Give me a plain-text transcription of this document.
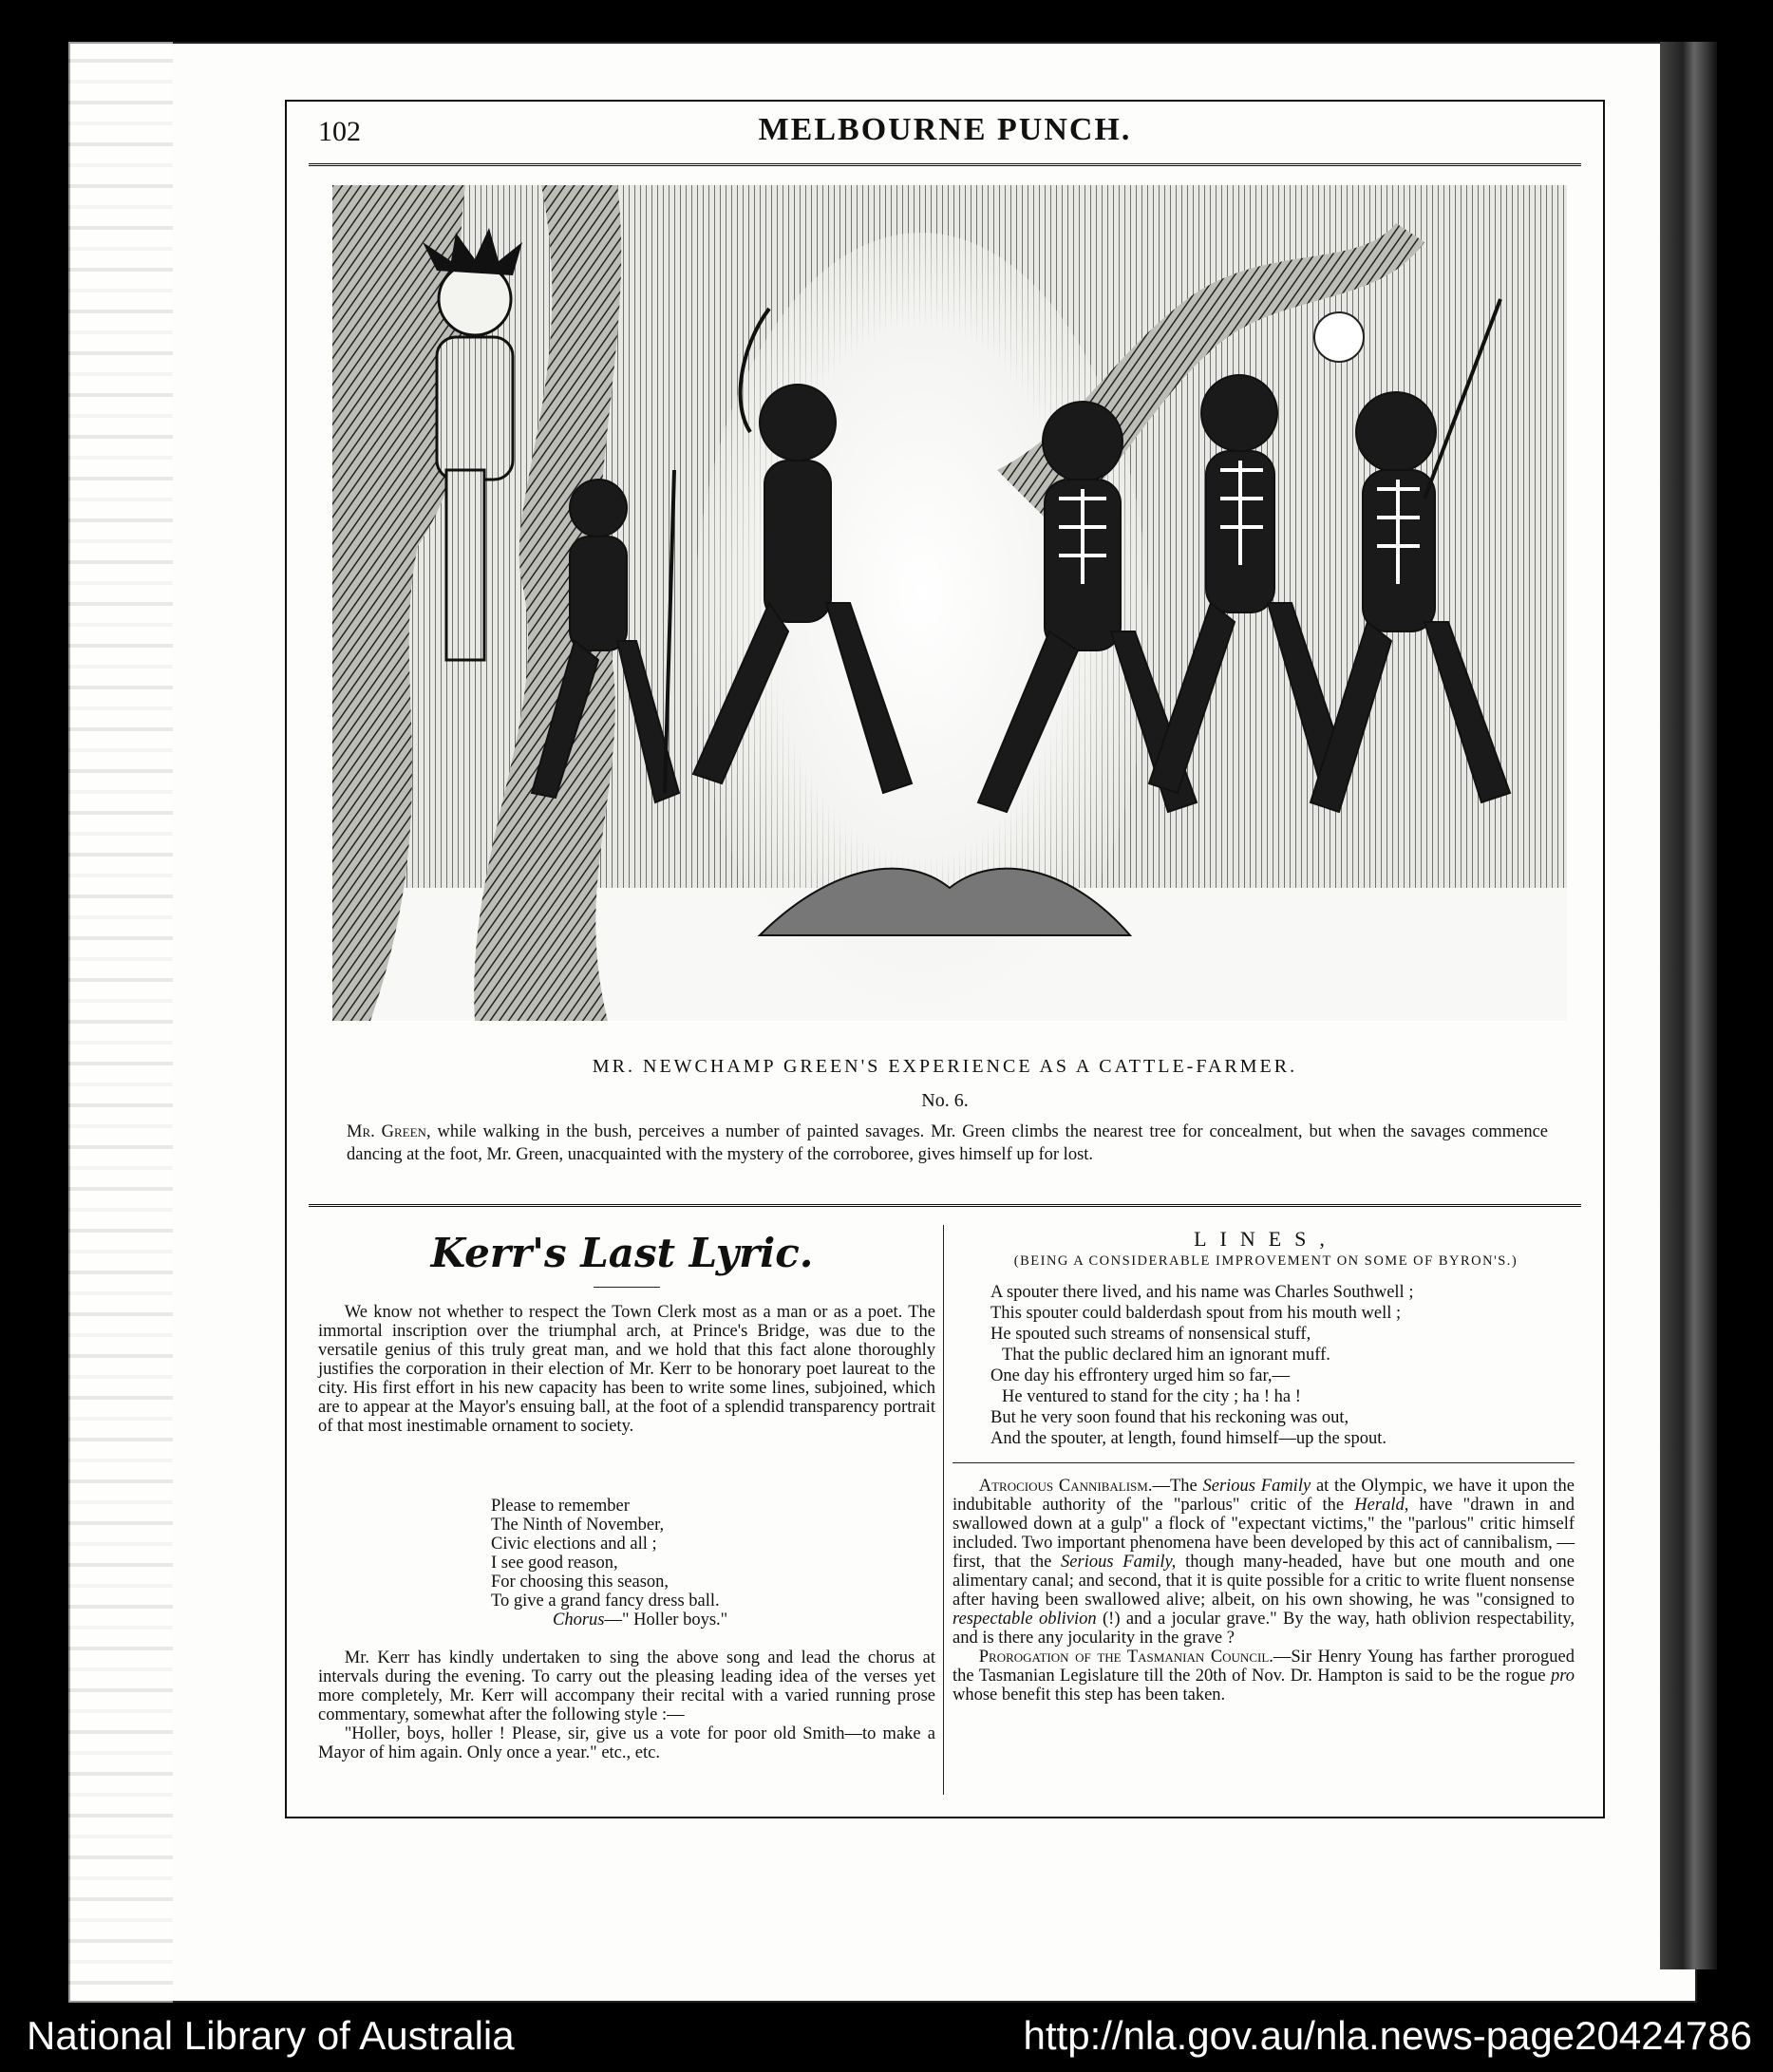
102	MELBOURNE PUNCH.
MR. NEWCHAMP GREEN'S EXPERIENCE AS A CATTLE-FARMER.
No. 6.
Mr. Green, while walking in the bush, perceives a number of painted savages. Mr. Green climbs the nearest tree for concealment, but when the savages commence dancing at the foot, Mr. Green, unacquainted with the mystery of the corroboree, gives himself up for lost.
Kerr's Last Lyric.
We know not whether to respect the Town Clerk most as a man or as a poet. The immortal inscription over the triumphal arch, at Prince's Bridge, was due to the versatile genius of this truly great man, and we hold that this fact alone thoroughly justifies the corporation in their election of Mr. Kerr to be honorary poet laureat to the city. His first effort in his new capacity has been to write some lines, subjoined, which are to appear at the Mayor's ensuing ball, at the foot of a splendid transparency portrait of that most inestimable ornament to society.
Please to remember
The Ninth of November,
Civic elections and all ;
I see good reason,
For choosing this season,
To give a grand fancy dress ball.
Chorus—" Holler boys."

Mr. Kerr has kindly undertaken to sing the above song and lead the chorus at intervals during the evening. To carry out the pleasing leading idea of the verses yet more completely, Mr. Kerr will accompany their recital with a varied running prose commentary, somewhat after the following style :—

"Holler, boys, holler ! Please, sir, give us a vote for poor old Smith—to make a Mayor of him again. Only once a year." etc., etc.

LINES,
(BEING A CONSIDERABLE IMPROVEMENT ON SOME OF BYRON'S.)
A spouter there lived, and his name was Charles Southwell ;
This spouter could balderdash spout from his mouth well ;
He spouted such streams of nonsensical stuff,
That the public declared him an ignorant muff.
One day his effrontery urged him so far,—
He ventured to stand for the city ; ha ! ha !
But he very soon found that his reckoning was out,
And the spouter, at length, found himself—up the spout.

Atrocious Cannibalism.—The Serious Family at the Olympic, we have it upon the indubitable authority of the "parlous" critic of the Herald, have "drawn in and swallowed down at a gulp" a flock of "expectant victims," the "parlous" critic himself included. Two important phenomena have been developed by this act of cannibalism, —first, that the Serious Family, though many-headed, have but one mouth and one alimentary canal; and second, that it is quite possible for a critic to write fluent nonsense after having been swallowed alive; albeit, on his own showing, he was "consigned to respectable oblivion (!) and a jocular grave." By the way, hath oblivion respectability, and is there any jocularity in the grave ?

Prorogation of the Tasmanian Council.—Sir Henry Young has farther prorogued the Tasmanian Legislature till the 20th of Nov. Dr. Hampton is said to be the rogue pro whose benefit this step has been taken.

National Library of Australia	http://nla.gov.au/nla.news-page20424786
